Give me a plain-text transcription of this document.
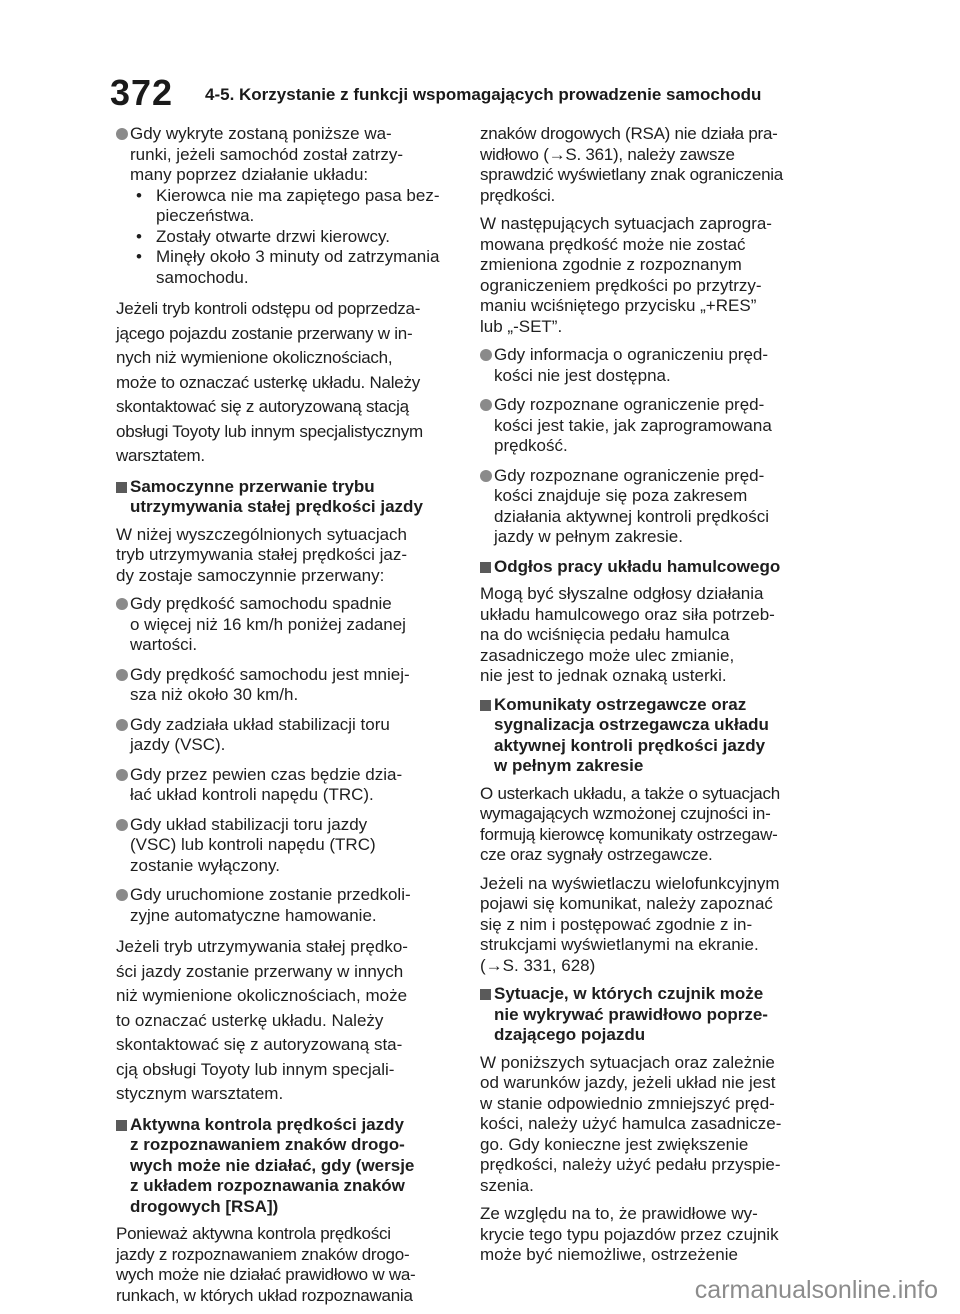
372 4-5. Korzystanie z funkcji wspomagających prowadzenie samochodu
Gdy wykryte zostaną poniższe wa-
runki, jeżeli samochód został zatrzy-
many poprzez działanie układu:
• Kierowca nie ma zapiętego pasa bez-
pieczeństwa.
• Zostały otwarte drzwi kierowcy.
• Minęły około 3 minuty od zatrzymania
samochodu.
Jeżeli tryb kontroli odstępu od poprzedza-
jącego pojazdu zostanie przerwany w in-
nych niż wymienione okolicznościach,
może to oznaczać usterkę układu. Należy
skontaktować się z autoryzowaną stacją
obsługi Toyoty lub innym specjalistycznym
warsztatem.
Samoczynne przerwanie trybu
utrzymywania stałej prędkości jazdy
W niżej wyszczególnionych sytuacjach
tryb utrzymywania stałej prędkości jaz-
dy zostaje samoczynnie przerwany:
Gdy prędkość samochodu spadnie
o więcej niż 16 km/h poniżej zadanej
wartości.
Gdy prędkość samochodu jest mniej-
sza niż około 30 km/h.
Gdy zadziała układ stabilizacji toru
jazdy (VSC).
Gdy przez pewien czas będzie dzia-
łać układ kontroli napędu (TRC).
Gdy układ stabilizacji toru jazdy
(VSC) lub kontroli napędu (TRC)
zostanie wyłączony.
Gdy uruchomione zostanie przedkoli-
zyjne automatyczne hamowanie.
Jeżeli tryb utrzymywania stałej prędko-
ści jazdy zostanie przerwany w innych
niż wymienione okolicznościach, może
to oznaczać usterkę układu. Należy
skontaktować się z autoryzowaną sta-
cją obsługi Toyoty lub innym specjali-
stycznym warsztatem.
Aktywna kontrola prędkości jazdy
z rozpoznawaniem znaków drogo-
wych może nie działać, gdy (wersje
z układem rozpoznawania znaków
drogowych [RSA])
Ponieważ aktywna kontrola prędkości
jazdy z rozpoznawaniem znaków drogo-
wych może nie działać prawidłowo w wa-
runkach, w których układ rozpoznawania
znaków drogowych (RSA) nie działa pra-
widłowo (→S. 361), należy zawsze
sprawdzić wyświetlany znak ograniczenia
prędkości.
W następujących sytuacjach zaprogra-
mowana prędkość może nie zostać
zmieniona zgodnie z rozpoznanym
ograniczeniem prędkości po przytrzy-
maniu wciśniętego przycisku „+RES”
lub „-SET”.
Gdy informacja o ograniczeniu pręd-
kości nie jest dostępna.
Gdy rozpoznane ograniczenie pręd-
kości jest takie, jak zaprogramowana
prędkość.
Gdy rozpoznane ograniczenie pręd-
kości znajduje się poza zakresem
działania aktywnej kontroli prędkości
jazdy w pełnym zakresie.
Odgłos pracy układu hamulcowego
Mogą być słyszalne odgłosy działania
układu hamulcowego oraz siła potrzeb-
na do wciśnięcia pedału hamulca
zasadniczego może ulec zmianie,
nie jest to jednak oznaką usterki.
Komunikaty ostrzegawcze oraz
sygnalizacja ostrzegawcza układu
aktywnej kontroli prędkości jazdy
w pełnym zakresie
O usterkach układu, a także o sytuacjach
wymagających wzmożonej czujności in-
formują kierowcę komunikaty ostrzegaw-
cze oraz sygnały ostrzegawcze.
Jeżeli na wyświetlaczu wielofunkcyjnym
pojawi się komunikat, należy zapoznać
się z nim i postępować zgodnie z in-
strukcjami wyświetlanymi na ekranie.
(→S. 331, 628)
Sytuacje, w których czujnik może
nie wykrywać prawidłowo poprze-
dzającego pojazdu
W poniższych sytuacjach oraz zależnie
od warunków jazdy, jeżeli układ nie jest
w stanie odpowiednio zmniejszyć pręd-
kości, należy użyć hamulca zasadnicze-
go. Gdy konieczne jest zwiększenie
prędkości, należy użyć pedału przyspie-
szenia.
Ze względu na to, że prawidłowe wy-
krycie tego typu pojazdów przez czujnik
może być niemożliwe, ostrzeżenie
carmanualsonline.info
